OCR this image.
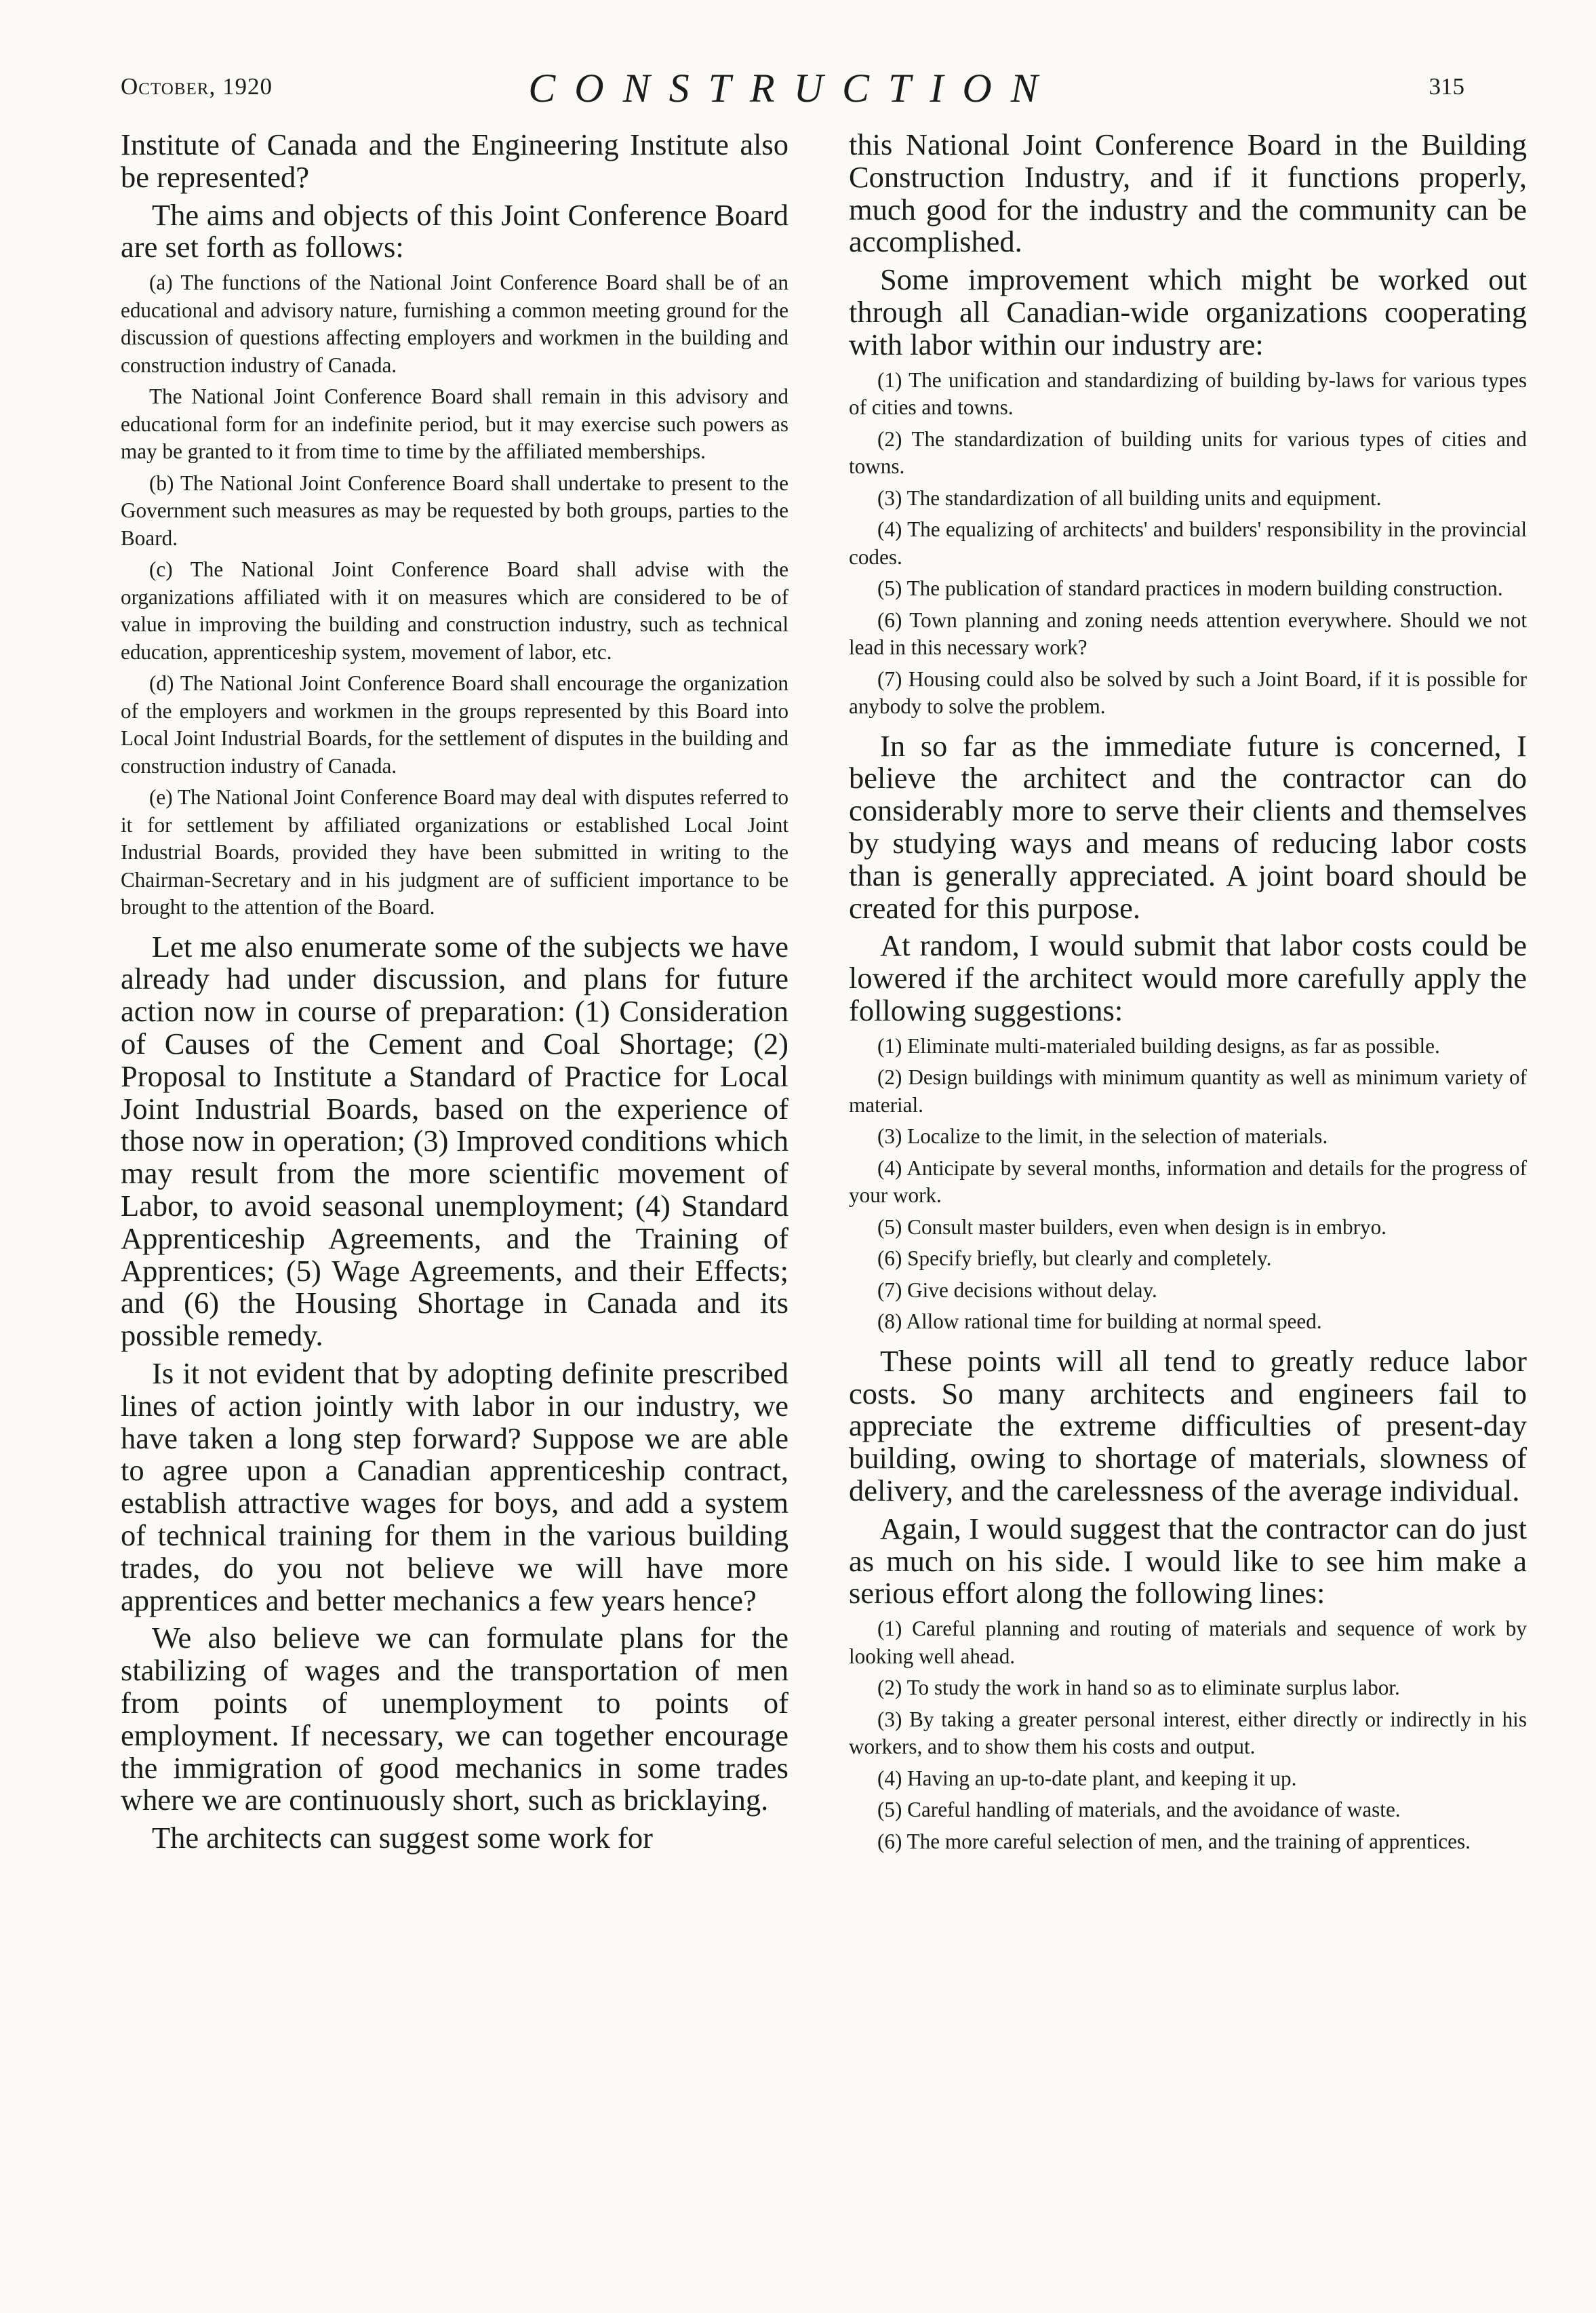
October, 1920	CONSTRUCTION	315

Institute of Canada and the Engineering Institute also be represented?

The aims and objects of this Joint Conference Board are set forth as follows:

(a) The functions of the National Joint Conference Board shall be of an educational and advisory nature, furnishing a common meeting ground for the discussion of questions affecting employers and workmen in the building and construction industry of Canada.

The National Joint Conference Board shall remain in this advisory and educational form for an indefinite period, but it may exercise such powers as may be granted to it from time to time by the affiliated memberships.

(b) The National Joint Conference Board shall undertake to present to the Government such measures as may be requested by both groups, parties to the Board.

(c) The National Joint Conference Board shall advise with the organizations affiliated with it on measures which are considered to be of value in improving the building and construction industry, such as technical education, apprenticeship system, movement of labor, etc.

(d) The National Joint Conference Board shall encourage the organization of the employers and workmen in the groups represented by this Board into Local Joint Industrial Boards, for the settlement of disputes in the building and construction industry of Canada.

(e) The National Joint Conference Board may deal with disputes referred to it for settlement by affiliated organizations or established Local Joint Industrial Boards, provided they have been submitted in writing to the Chairman-Secretary and in his judgment are of sufficient importance to be brought to the attention of the Board.

Let me also enumerate some of the subjects we have already had under discussion, and plans for future action now in course of preparation: (1) Consideration of Causes of the Cement and Coal Shortage; (2) Proposal to Institute a Standard of Practice for Local Joint Industrial Boards, based on the experience of those now in operation; (3) Improved conditions which may result from the more scientific movement of Labor, to avoid seasonal unemployment; (4) Standard Apprenticeship Agreements, and the Training of Apprentices; (5) Wage Agreements, and their Effects; and (6) the Housing Shortage in Canada and its possible remedy.

Is it not evident that by adopting definite prescribed lines of action jointly with labor in our industry, we have taken a long step forward? Suppose we are able to agree upon a Canadian apprenticeship contract, establish attractive wages for boys, and add a system of technical training for them in the various building trades, do you not believe we will have more apprentices and better mechanics a few years hence?

We also believe we can formulate plans for the stabilizing of wages and the transportation of men from points of unemployment to points of employment. If necessary, we can together encourage the immigration of good mechanics in some trades where we are continuously short, such as bricklaying.

The architects can suggest some work for

this National Joint Conference Board in the Building Construction Industry, and if it functions properly, much good for the industry and the community can be accomplished.

Some improvement which might be worked out through all Canadian-wide organizations cooperating with labor within our industry are:

(1) The unification and standardizing of building by-laws for various types of cities and towns.

(2) The standardization of building units for various types of cities and towns.

(3) The standardization of all building units and equipment.

(4) The equalizing of architects' and builders' responsibility in the provincial codes.

(5) The publication of standard practices in modern building construction.

(6) Town planning and zoning needs attention everywhere. Should we not lead in this necessary work?

(7) Housing could also be solved by such a Joint Board, if it is possible for anybody to solve the problem.

In so far as the immediate future is concerned, I believe the architect and the contractor can do considerably more to serve their clients and themselves by studying ways and means of reducing labor costs than is generally appreciated. A joint board should be created for this purpose.

At random, I would submit that labor costs could be lowered if the architect would more carefully apply the following suggestions:

(1) Eliminate multi-materialed building designs, as far as possible.

(2) Design buildings with minimum quantity as well as minimum variety of material.

(3) Localize to the limit, in the selection of materials.

(4) Anticipate by several months, information and details for the progress of your work.

(5) Consult master builders, even when design is in embryo.

(6) Specify briefly, but clearly and completely.

(7) Give decisions without delay.

(8) Allow rational time for building at normal speed.

These points will all tend to greatly reduce labor costs. So many architects and engineers fail to appreciate the extreme difficulties of present-day building, owing to shortage of materials, slowness of delivery, and the carelessness of the average individual.

Again, I would suggest that the contractor can do just as much on his side. I would like to see him make a serious effort along the following lines:

(1) Careful planning and routing of materials and sequence of work by looking well ahead.

(2) To study the work in hand so as to eliminate surplus labor.

(3) By taking a greater personal interest, either directly or indirectly in his workers, and to show them his costs and output.

(4) Having an up-to-date plant, and keeping it up.

(5) Careful handling of materials, and the avoidance of waste.

(6) The more careful selection of men, and the training of apprentices.
